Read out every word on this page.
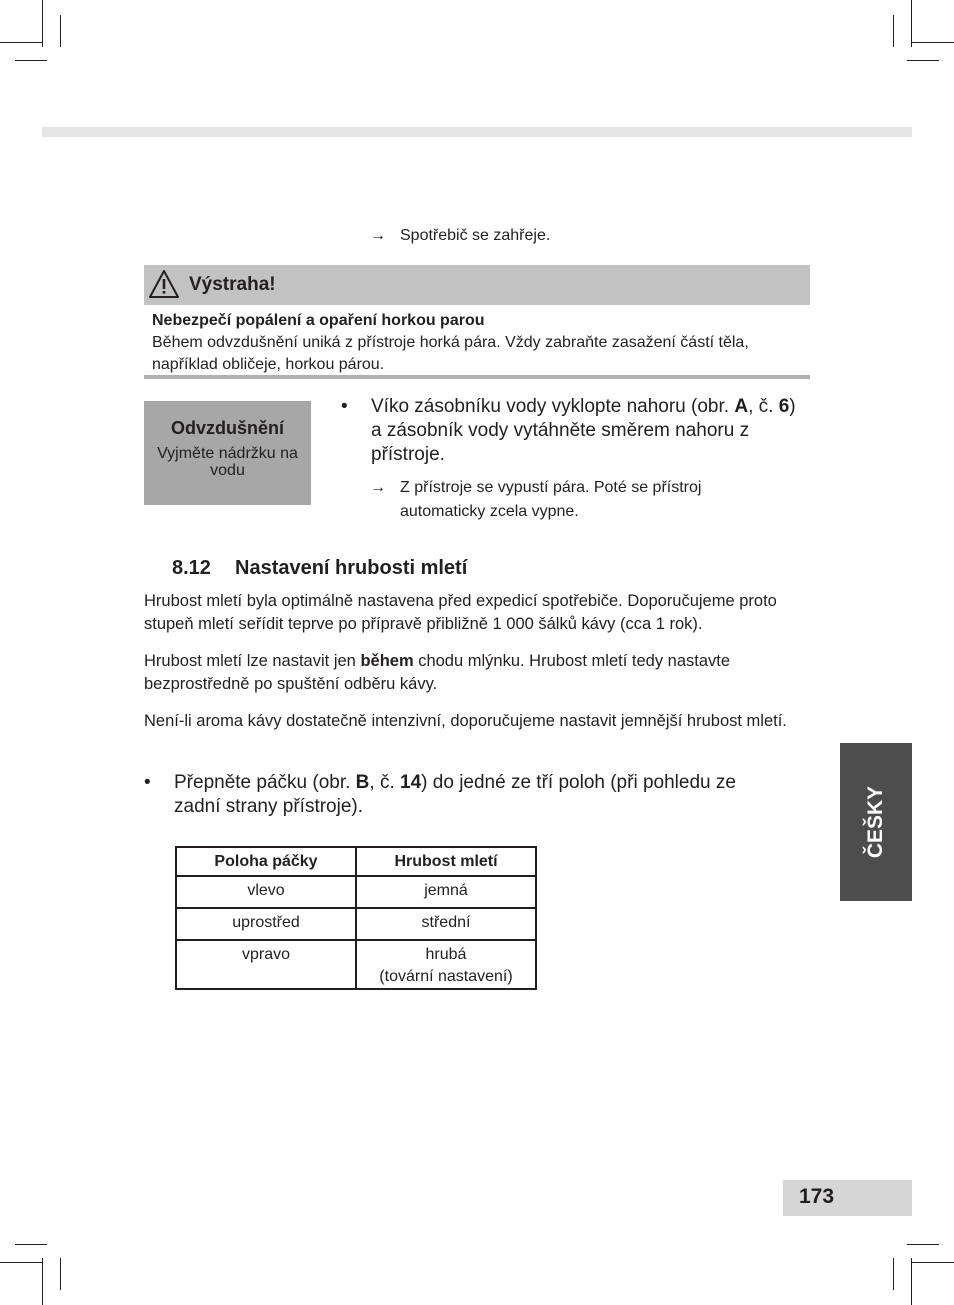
→ Spotřebič se zahřeje.
Výstraha!
Nebezpečí popálení a opaření horkou parou
Během odvzdušnění uniká z přístroje horká pára. Vždy zabraňte zasažení částí těla, například obličeje, horkou párou.
Odvzdušnění
Vyjměte nádržku na vodu
• Víko zásobníku vody vyklopte nahoru (obr. A, č. 6) a zásobník vody vytáhněte směrem nahoru z přístroje.
→ Z přístroje se vypustí pára. Poté se přístroj automaticky zcela vypne.
8.12 Nastavení hrubosti mletí
Hrubost mletí byla optimálně nastavena před expedicí spotřebiče. Doporučujeme proto stupeň mletí seřídit teprve po přípravě přibližně 1 000 šálků kávy (cca 1 rok).
Hrubost mletí lze nastavit jen během chodu mlýnku. Hrubost mletí tedy nastavte bezprostředně po spuštění odběru kávy.
Není-li aroma kávy dostatečně intenzivní, doporučujeme nastavit jemnější hrubost mletí.
• Přepněte páčku (obr. B, č. 14) do jedné ze tří poloh (při pohledu ze zadní strany přístroje).
Poloha páčky	Hrubost mletí
vlevo	jemná
uprostřed	střední
vpravo	hrubá
(tovární nastavení)
ČEŠKY
173
